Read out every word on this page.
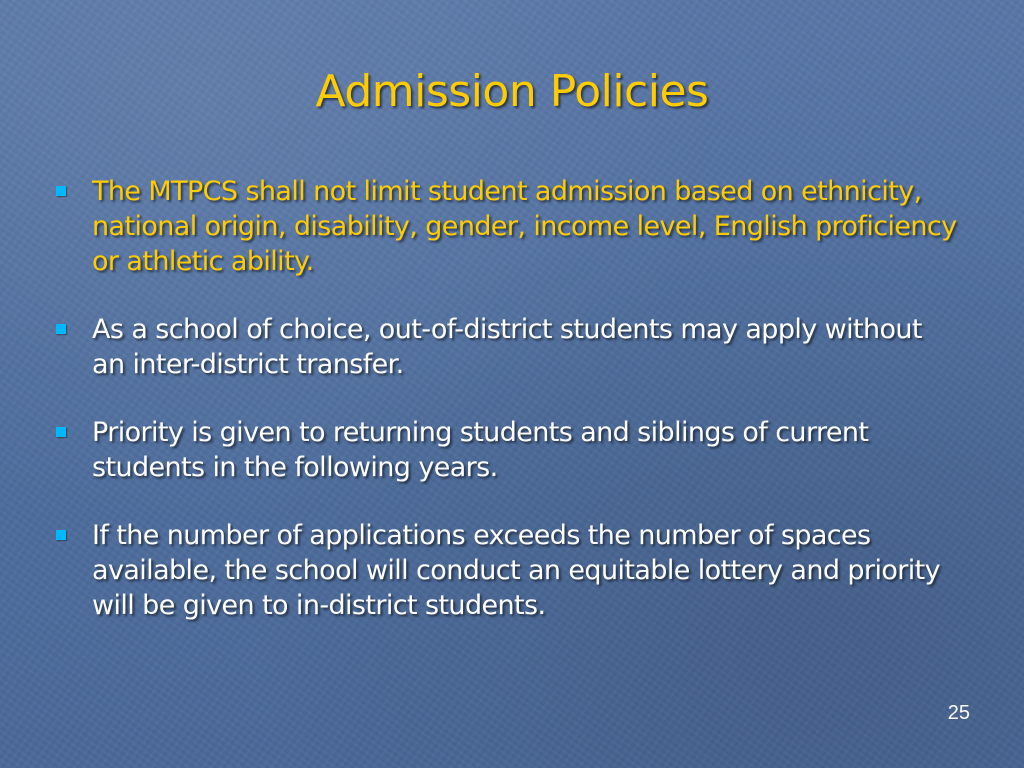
Admission Policies
The MTPCS shall not limit student admission based on ethnicity, national origin, disability, gender, income level, English proficiency or athletic ability.
As a school of choice, out-of-district students may apply without an inter-district transfer.
Priority is given to returning students and siblings of current students in the following years.
If the number of applications exceeds the number of spaces available, the school will conduct an equitable lottery and priority will be given to in-district students.
25
